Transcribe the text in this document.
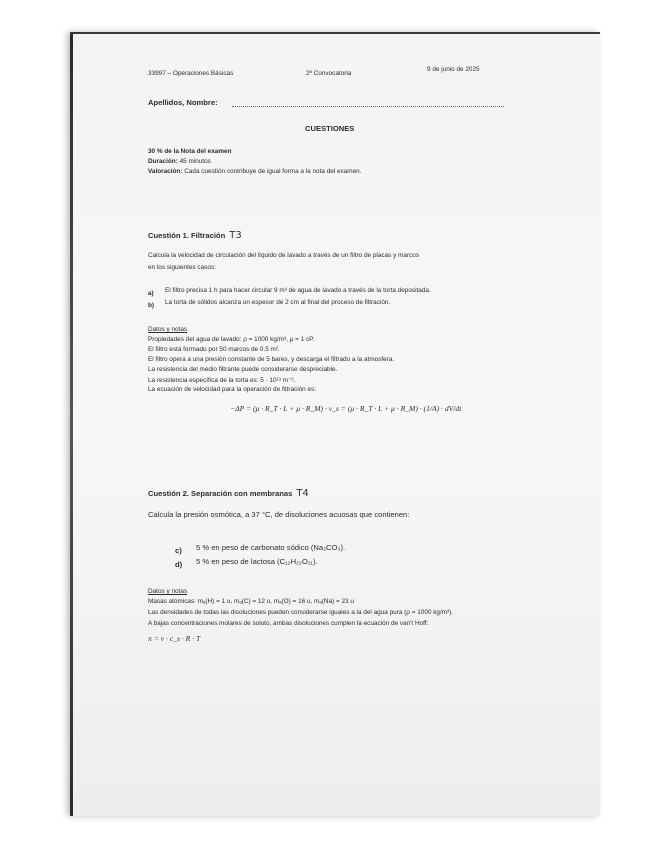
33997 – Operaciones Básicas	2ª Convocatoria
9 de junio de 2025
Apellidos, Nombre:
CUESTIONES
30 % de la Nota del examen
Duración: 45 minutos
Valoración: Cada cuestión contribuye de igual forma a la nota del examen.
Cuestión 1. Filtración T3
Calcula la velocidad de circulación del líquido de lavado a través de un filtro de placas y marcos
en los siguientes casos:
a) El filtro precisa 1 h para hacer circular 9 m³ de agua de lavado a través de la torta depositada.
b) La torta de sólidos alcanza un espesor de 2 cm al final del proceso de filtración.
Datos y notas
Propiedades del agua de lavado: ρ = 1000 kg/m³, μ = 1 cP.
El filtro está formado por 50 marcos de 0.5 m².
El filtro opera a una presión constante de 5 bares, y descarga el filtrado a la atmosfera.
La resistencia del medio filtrante puede considerarse despreciable.
La resistencia específica de la torta es: 5 · 10¹³ m⁻².
La ecuación de velocidad para la operación de filtración es:
−ΔP = (μ · R_T · L + μ · R_M) · v_s = (μ · R_T · L + μ · R_M) · (1/A) · dV/dt
Cuestión 2. Separación con membranas T4
Calcula la presión osmótica, a 37 °C, de disoluciones acuosas que contienen:
c) 5 % en peso de carbonato sódico (Na₂CO₃).
d) 5 % en peso de lactosa (C₁₂H₂₂O₁₁).
Datos y notas
Masas atómicas: mₐ(H) = 1 u, mₐ(C) = 12 u, mₐ(O) = 16 u, mₐ(Na) = 23 u
Las densidades de todas las disoluciones pueden considerarse iguales a la del agua pura (ρ = 1000 kg/m³).
A bajas concentraciones molares de soluto, ambas disoluciones cumplen la ecuación de van't Hoff:
π = ν · c_s · R · T
